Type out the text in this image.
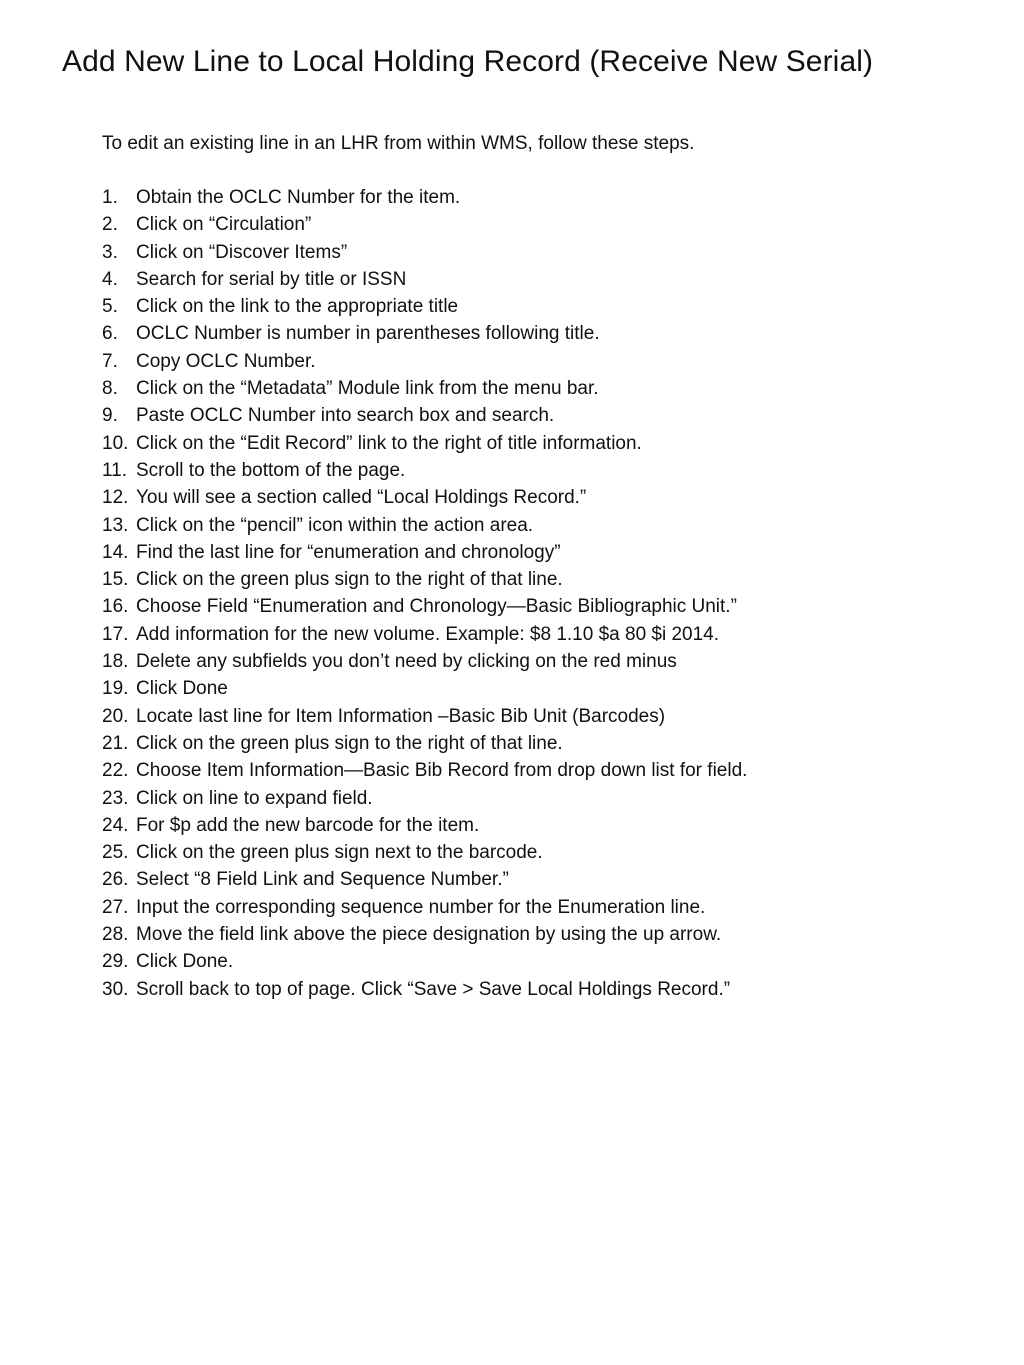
Add New Line to Local Holding Record (Receive New Serial)

To edit an existing line in an LHR from within WMS, follow these steps.

1. Obtain the OCLC Number for the item.
2. Click on “Circulation”
3. Click on “Discover Items”
4. Search for serial by title or ISSN
5. Click on the link to the appropriate title
6. OCLC Number is number in parentheses following title.
7. Copy OCLC Number.
8. Click on the “Metadata” Module link from the menu bar.
9. Paste OCLC Number into search box and search.
10. Click on the “Edit Record” link to the right of title information.
11. Scroll to the bottom of the page.
12. You will see a section called “Local Holdings Record.”
13. Click on the “pencil” icon within the action area.
14. Find the last line for “enumeration and chronology”
15. Click on the green plus sign to the right of that line.
16. Choose Field “Enumeration and Chronology—Basic Bibliographic Unit.”
17. Add information for the new volume. Example: $8 1.10 $a 80 $i 2014.
18. Delete any subfields you don’t need by clicking on the red minus
19. Click Done
20. Locate last line for Item Information –Basic Bib Unit (Barcodes)
21. Click on the green plus sign to the right of that line.
22. Choose Item Information—Basic Bib Record from drop down list for field.
23. Click on line to expand field.
24. For $p add the new barcode for the item.
25. Click on the green plus sign next to the barcode.
26. Select “8 Field Link and Sequence Number.”
27. Input the corresponding sequence number for the Enumeration line.
28. Move the field link above the piece designation by using the up arrow.
29. Click Done.
30. Scroll back to top of page. Click “Save > Save Local Holdings Record.”
